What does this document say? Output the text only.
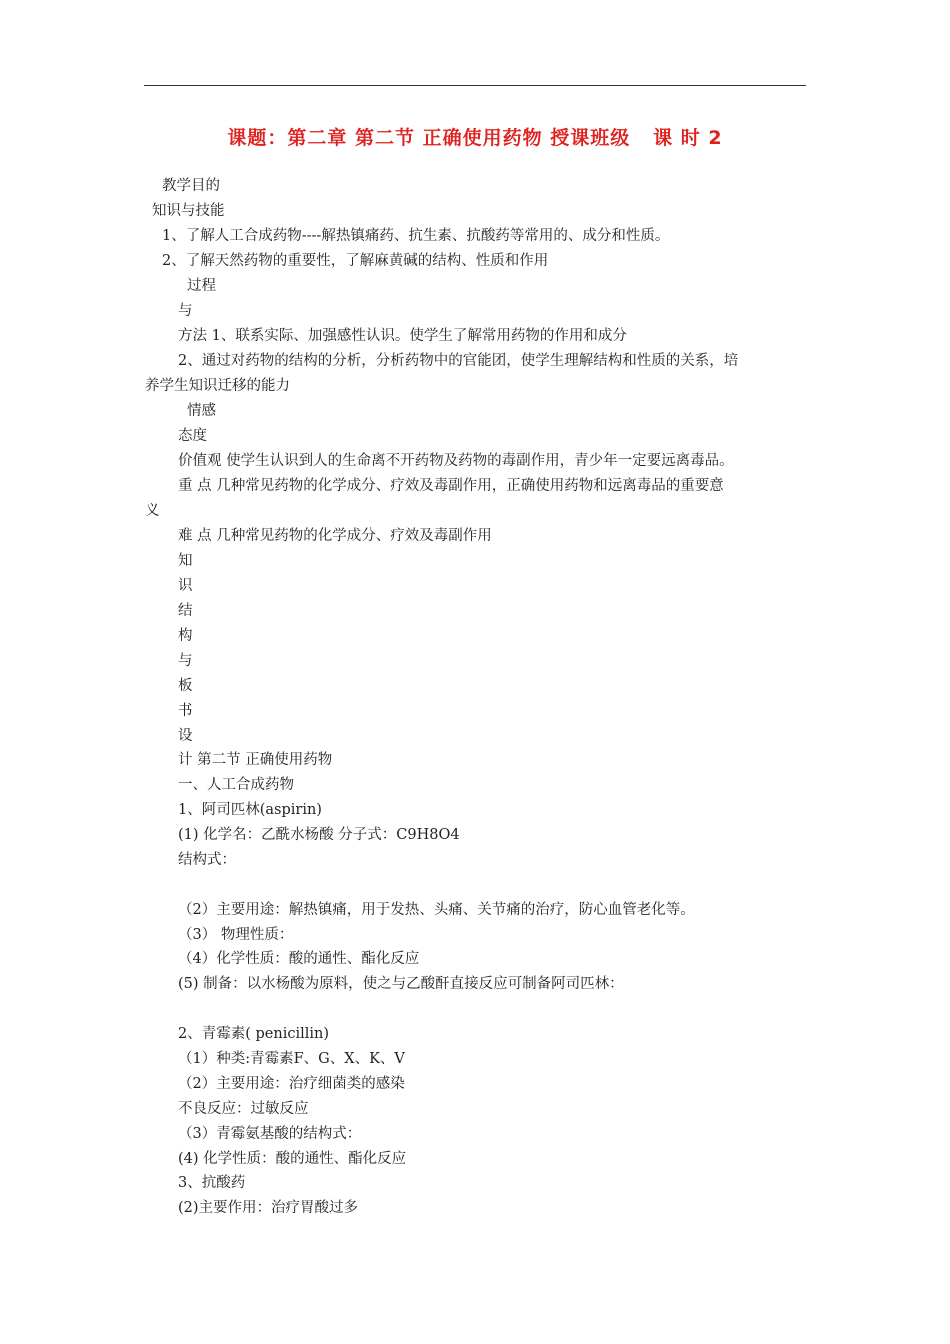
课题：第二章 第二节 正确使用药物 授课班级   课 时 2
教学目的
知识与技能
1、了解人工合成药物----解热镇痛药、抗生素、抗酸药等常用的、成分和性质。
2、了解天然药物的重要性，了解麻黄碱的结构、性质和作用
过程
与
方法 1、联系实际、加强感性认识。使学生了解常用药物的作用和成分
2、通过对药物的结构的分析，分析药物中的官能团，使学生理解结构和性质的关系，培
养学生知识迁移的能力
情感
态度
价值观 使学生认识到人的生命离不开药物及药物的毒副作用，青少年一定要远离毒品。
重 点 几种常见药物的化学成分、疗效及毒副作用，正确使用药物和远离毒品的重要意
义
难 点 几种常见药物的化学成分、疗效及毒副作用
知
识
结
构
与
板
书
设
计 第二节 正确使用药物
一、人工合成药物
1、阿司匹林(aspirin)
(1) 化学名：乙酰水杨酸 分子式：C9H8O4
结构式：
（2）主要用途：解热镇痛，用于发热、头痛、关节痛的治疗，防心血管老化等。
（3） 物理性质：
（4）化学性质：酸的通性、酯化反应
(5) 制备：以水杨酸为原料，使之与乙酸酐直接反应可制备阿司匹林：
2、青霉素( penicillin)
（1）种类:青霉素F、G、X、K、V
（2）主要用途：治疗细菌类的感染
不良反应：过敏反应
（3）青霉氨基酸的结构式：
(4) 化学性质：酸的通性、酯化反应
3、抗酸药
(2)主要作用：治疗胃酸过多
